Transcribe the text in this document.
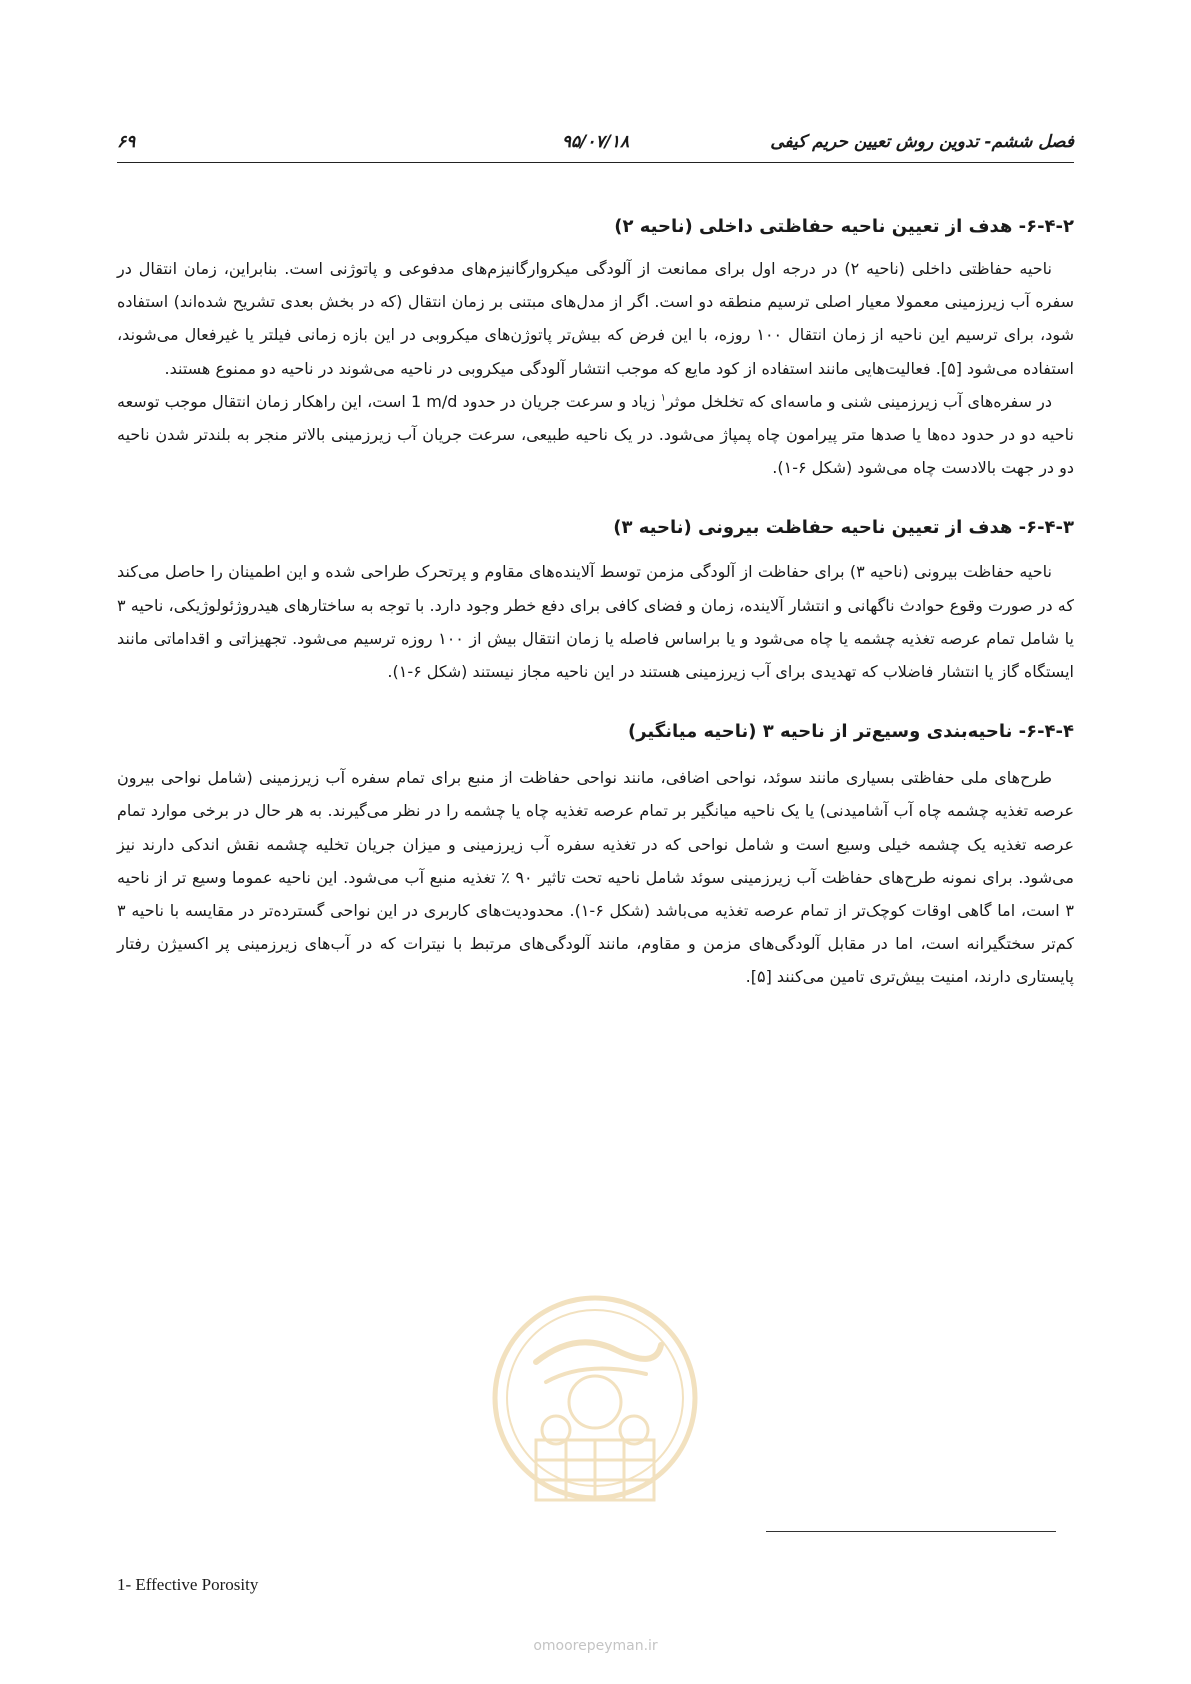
فصل ششم- تدوین روش تعیین حریم کیفی
۹۵/۰۷/۱۸
۶۹
۶-۴-۲- هدف از تعیین ناحیه حفاظتی داخلی (ناحیه ۲)

ناحیه حفاظتی داخلی (ناحیه ۲) در درجه اول برای ممانعت از آلودگی میکروارگانیزم‌های مدفوعی و پاتوژنی است. بنابراین، زمان انتقال در سفره آب زیرزمینی معمولا معیار اصلی ترسیم منطقه دو است. اگر از مدل‌های مبتنی بر زمان انتقال (که در بخش بعدی تشریح شده‌اند) استفاده شود، برای ترسیم این ناحیه از زمان انتقال ۱۰۰ روزه، با این فرض که بیش‌تر پاتوژن‌های میکروبی در این بازه زمانی فیلتر یا غیرفعال می‌شوند، استفاده می‌شود [۵]. فعالیت‌هایی مانند استفاده از کود مایع که موجب انتشار آلودگی میکروبی در ناحیه می‌شوند در ناحیه دو ممنوع هستند.

در سفره‌های آب زیرزمینی شنی و ماسه‌ای که تخلخل موثر$^۱$ زیاد و سرعت جریان در حدود 1 m/d است، این راهکار زمان انتقال موجب توسعه ناحیه دو در حدود ده‌ها یا صدها متر پیرامون چاه پمپاژ می‌شود. در یک ناحیه طبیعی، سرعت جریان آب زیرزمینی بالاتر منجر به بلندتر شدن ناحیه دو در جهت بالادست چاه می‌شود (شکل ۶-۱).

۶-۴-۳- هدف از تعیین ناحیه حفاظت بیرونی (ناحیه ۳)

ناحیه حفاظت بیرونی (ناحیه ۳) برای حفاظت از آلودگی مزمن توسط آلاینده‌های مقاوم و پرتحرک طراحی شده و این اطمینان را حاصل می‌کند که در صورت وقوع حوادث ناگهانی و انتشار آلاینده، زمان و فضای کافی برای دفع خطر وجود دارد. با توجه به ساختارهای هیدروژئولوژیکی، ناحیه ۳ یا شامل تمام عرصه تغذیه چشمه یا چاه می‌شود و یا براساس فاصله یا زمان انتقال بیش از ۱۰۰ روزه ترسیم می‌شود. تجهیزاتی و اقداماتی مانند ایستگاه گاز یا انتشار فاضلاب که تهدیدی برای آب زیرزمینی هستند در این ناحیه مجاز نیستند (شکل ۶-۱).

۶-۴-۴- ناحیه‌بندی وسیع‌تر از ناحیه ۳ (ناحیه میانگیر)

طرح‌های ملی حفاظتی بسیاری مانند سوئد، نواحی اضافی، مانند نواحی حفاظت از منبع برای تمام سفره آب زیرزمینی (شامل نواحی بیرون عرصه تغذیه چشمه چاه آب آشامیدنی) یا یک ناحیه میانگیر بر تمام عرصه تغذیه چاه یا چشمه را در نظر می‌گیرند. به هر حال در برخی موارد تمام عرصه تغذیه یک چشمه خیلی وسیع است و شامل نواحی که در تغذیه سفره آب زیرزمینی و میزان جریان تخلیه چشمه نقش اندکی دارند نیز می‌شود. برای نمونه طرح‌های حفاظت آب زیرزمینی سوئد شامل ناحیه تحت تاثیر ۹۰ ٪ تغذیه منبع آب می‌شود. این ناحیه عموما وسیع تر از ناحیه ۳ است، اما گاهی اوقات کوچک‌تر از تمام عرصه تغذیه می‌باشد (شکل ۶-۱). محدودیت‌های کاربری در این نواحی گسترده‌تر در مقایسه با ناحیه ۳ کم‌تر سختگیرانه است، اما در مقابل آلودگی‌های مزمن و مقاوم، مانند آلودگی‌های مرتبط با نیترات که در آب‌های زیرزمینی پر اکسیژن رفتار پایستاری دارند، امنیت بیش‌تری تامین می‌کنند [۵].

omoorepeyman.ir
1- Effective Porosity
